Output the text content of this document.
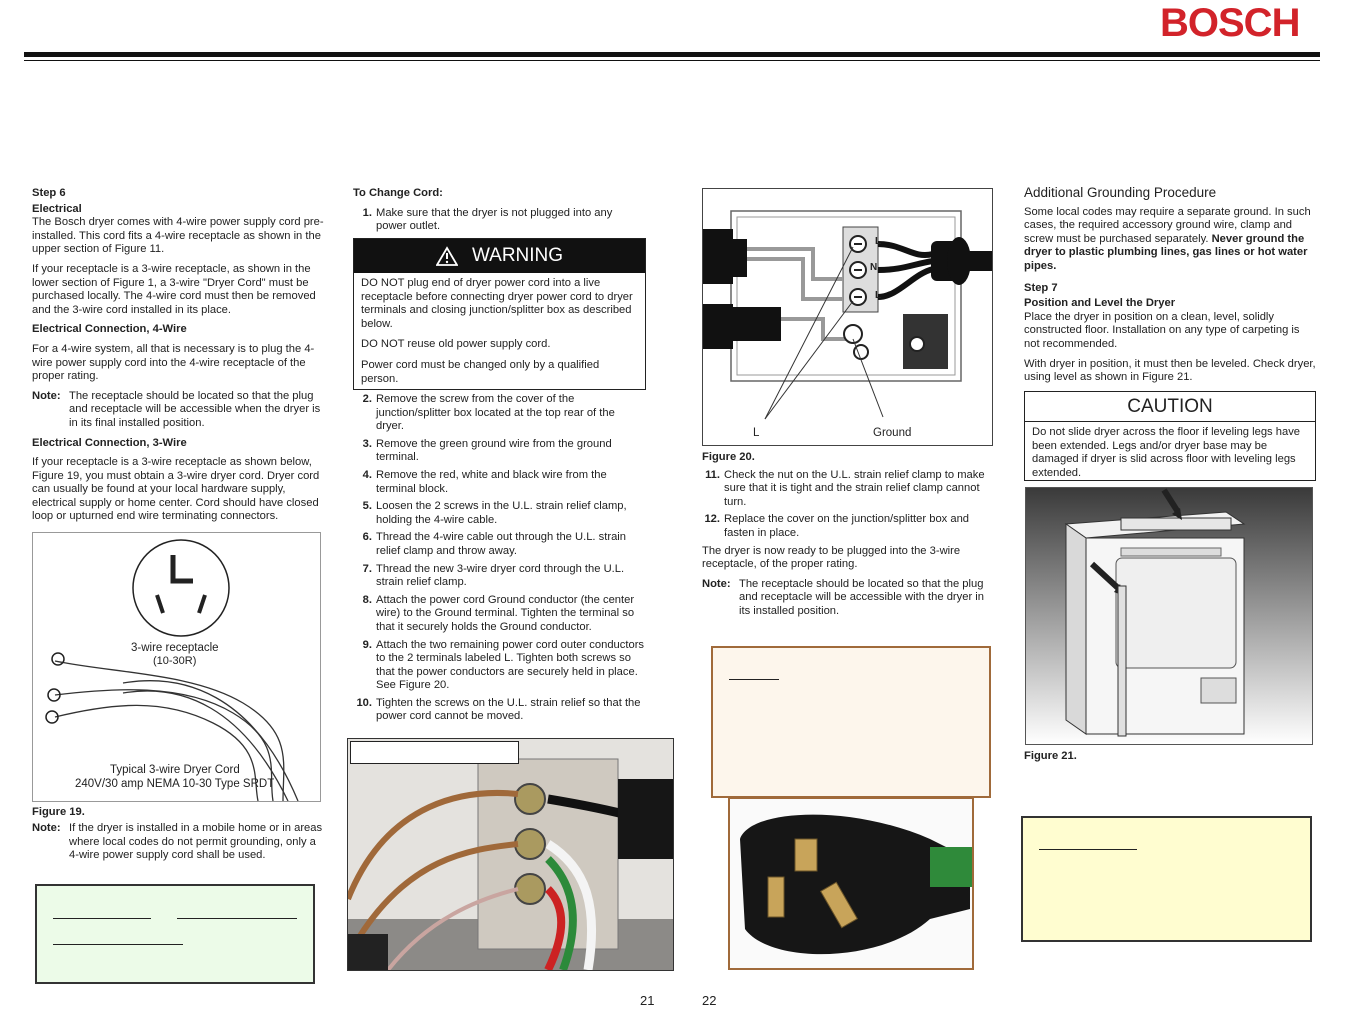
BOSCH
Step 6
Electrical

The Bosch dryer comes with 4-wire power supply cord pre-installed. This cord fits a 4-wire receptacle as shown in the upper section of Figure 11.

If your receptacle is a 3-wire receptacle, as shown in the lower section of Figure 1, a 3-wire "Dryer Cord" must be purchased locally. The 4-wire cord must then be removed and the 3-wire cord installed in its place.

Electrical Connection, 4-Wire

For a 4-wire system, all that is necessary is to plug the 4-wire power supply cord into the 4-wire receptacle of the proper rating.

Note: The receptacle should be located so that the plug and receptacle will be accessible when the dryer is in its final installed position.

Electrical Connection, 3-Wire

If your receptacle is a 3-wire receptacle as shown below, Figure 19, you must obtain a 3-wire dryer cord. Dryer cord can usually be found at your local hardware supply, electrical supply or home center. Cord should have closed loop or upturned end wire terminating connectors.

3-wire receptacle
(10-30R)
Typical 3-wire Dryer Cord
240V/30 amp NEMA 10-30 Type SRDT
Figure 19.
Note: If the dryer is installed in a mobile home or in areas where local codes do not permit grounding, only a 4-wire power supply cord shall be used.
To Change Cord:
1. Make sure that the dryer is not plugged into any power outlet.
WARNING

DO NOT plug end of dryer power cord into a live receptacle before connecting dryer power cord to dryer terminals and closing junction/splitter box as described below.

DO NOT reuse old power supply cord.

Power cord must be changed only by a qualified person.

2. Remove the screw from the cover of the junction/splitter box located at the top rear of the dryer.
3. Remove the green ground wire from the ground terminal.
4. Remove the red, white and black wire from the terminal block.
5. Loosen the 2 screws in the U.L. strain relief clamp, holding the 4-wire cable.
6. Thread the 4-wire cable out through the U.L. strain relief clamp and throw away.
7. Thread the new 3-wire dryer cord through the U.L. strain relief clamp.
8. Attach the power cord Ground conductor (the center wire) to the Ground terminal. Tighten the terminal so that it securely holds the Ground conductor.
9. Attach the two remaining power cord outer conductors to the 2 terminals labeled L. Tighten both screws so that the power conductors are securely held in place. See Figure 20.
10. Tighten the screws on the U.L. strain relief so that the power cord cannot be moved.
L
N
L
L	Ground
Figure 20.
11. Check the nut on the U.L. strain relief clamp to make sure that it is tight and the strain relief clamp cannot turn.
12. Replace the cover on the junction/splitter box and fasten in place.

The dryer is now ready to be plugged into the 3-wire receptacle, of the proper rating.

Note: The receptacle should be located so that the plug and receptacle will be accessible with the dryer in its installed position.
Additional Grounding Procedure

Some local codes may require a separate ground. In such cases, the required accessory ground wire, clamp and screw must be purchased separately. Never ground the dryer to plastic plumbing lines, gas lines or hot water pipes.

Step 7
Position and Level the Dryer

Place the dryer in position on a clean, level, solidly constructed floor. Installation on any type of carpeting is not recommended.

With dryer in position, it must then be leveled. Check dryer, using level as shown in Figure 21.

CAUTION
Do not slide dryer across the floor if leveling legs have been extended. Legs and/or dryer base may be damaged if dryer is slid across floor with leveling legs extended.
Figure 21.
21	22
